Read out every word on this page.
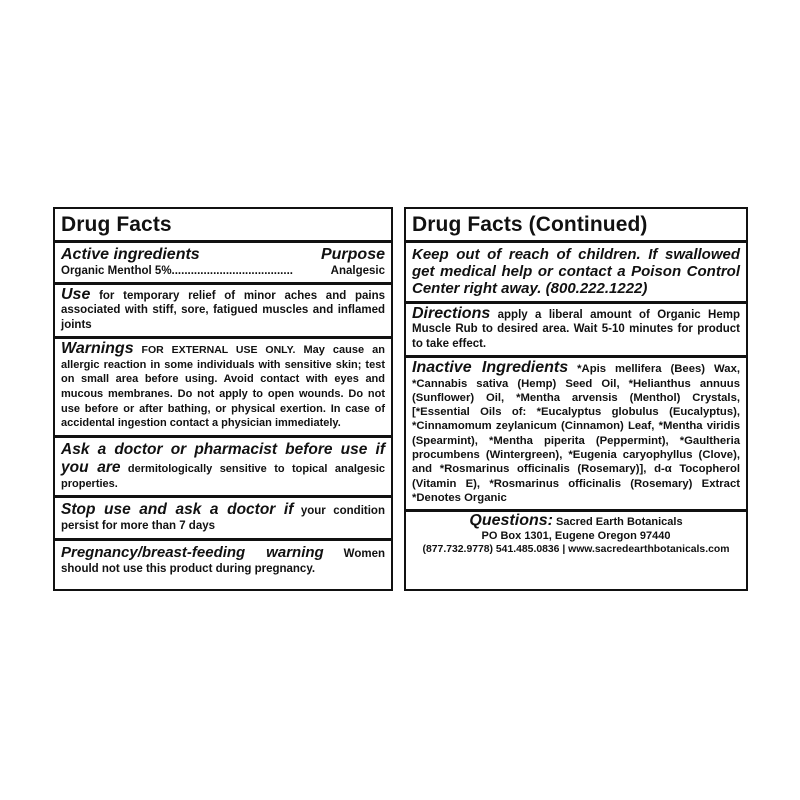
Drug Facts
Active ingredients	Purpose
Organic Menthol 5%......................................	Analgesic
Use for temporary relief of minor aches and pains associated with stiff, sore, fatigued muscles and inflamed joints
Warnings FOR EXTERNAL USE ONLY. May cause an allergic reaction in some individuals with sensitive skin; test on small area before using. Avoid contact with eyes and mucous membranes. Do not apply to open wounds. Do not use before or after bathing, or physical exertion. In case of accidental ingestion contact a physician immediately.
Ask a doctor or pharmacist before use if you are dermitologically sensitive to topical analgesic properties.
Stop use and ask a doctor if your condition persist for more than 7 days
Pregnancy/breast-feeding warning Women should not use this product during pregnancy.
Drug Facts (Continued)
Keep out of reach of children. If swallowed get medical help or contact a Poison Control Center right away. (800.222.1222)
Directions apply a liberal amount of Organic Hemp Muscle Rub to desired area. Wait 5-10 minutes for product to take effect.
Inactive Ingredients *Apis mellifera (Bees) Wax, *Cannabis sativa (Hemp) Seed Oil, *Helianthus annuus (Sunflower) Oil, *Mentha arvensis (Menthol) Crystals, [*Essential Oils of: *Eucalyptus globulus (Eucalyptus), *Cinnamomum zeylanicum (Cinnamon) Leaf, *Mentha viridis (Spearmint), *Mentha piperita (Peppermint), *Gaultheria procumbens (Wintergreen), *Eugenia caryophyllus (Clove), and *Rosmarinus officinalis (Rosemary)], d-α Tocopherol (Vitamin E), *Rosmarinus officinalis (Rosemary) Extract *Denotes Organic
Questions: Sacred Earth Botanicals
PO Box 1301, Eugene Oregon 97440
(877.732.9778) 541.485.0836 | www.sacredearthbotanicals.com
